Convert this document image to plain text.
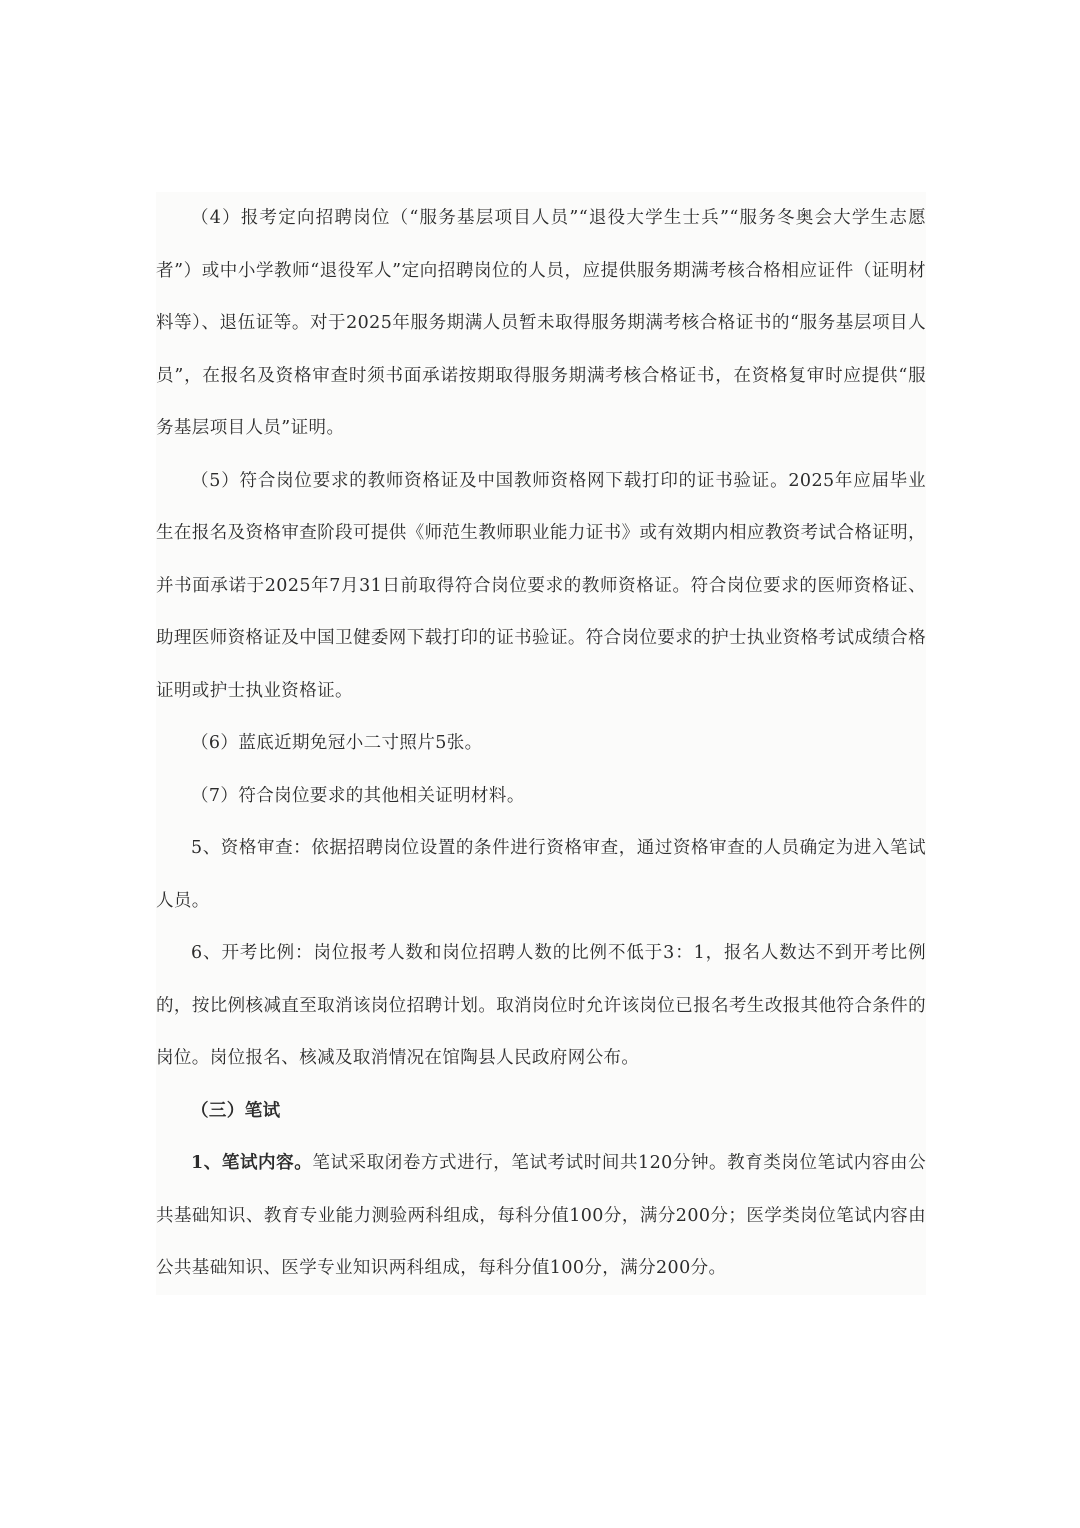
（4）报考定向招聘岗位（“服务基层项目人员”“退役大学生士兵”“服务冬奥会大学生志愿者”）或中小学教师“退役军人”定向招聘岗位的人员，应提供服务期满考核合格相应证件（证明材料等）、退伍证等。对于2025年服务期满人员暂未取得服务期满考核合格证书的“服务基层项目人员”，在报名及资格审查时须书面承诺按期取得服务期满考核合格证书，在资格复审时应提供“服务基层项目人员”证明。

（5）符合岗位要求的教师资格证及中国教师资格网下载打印的证书验证。2025年应届毕业生在报名及资格审查阶段可提供《师范生教师职业能力证书》或有效期内相应教资考试合格证明，并书面承诺于2025年7月31日前取得符合岗位要求的教师资格证。符合岗位要求的医师资格证、助理医师资格证及中国卫健委网下载打印的证书验证。符合岗位要求的护士执业资格考试成绩合格证明或护士执业资格证。

（6）蓝底近期免冠小二寸照片5张。

（7）符合岗位要求的其他相关证明材料。

5、资格审查：依据招聘岗位设置的条件进行资格审查，通过资格审查的人员确定为进入笔试人员。

6、开考比例：岗位报考人数和岗位招聘人数的比例不低于3：1，报名人数达不到开考比例的，按比例核减直至取消该岗位招聘计划。取消岗位时允许该岗位已报名考生改报其他符合条件的岗位。岗位报名、核减及取消情况在馆陶县人民政府网公布。

（三）笔试

1、笔试内容。笔试采取闭卷方式进行，笔试考试时间共120分钟。教育类岗位笔试内容由公共基础知识、教育专业能力测验两科组成，每科分值100分，满分200分；医学类岗位笔试内容由公共基础知识、医学专业知识两科组成，每科分值100分，满分200分。
